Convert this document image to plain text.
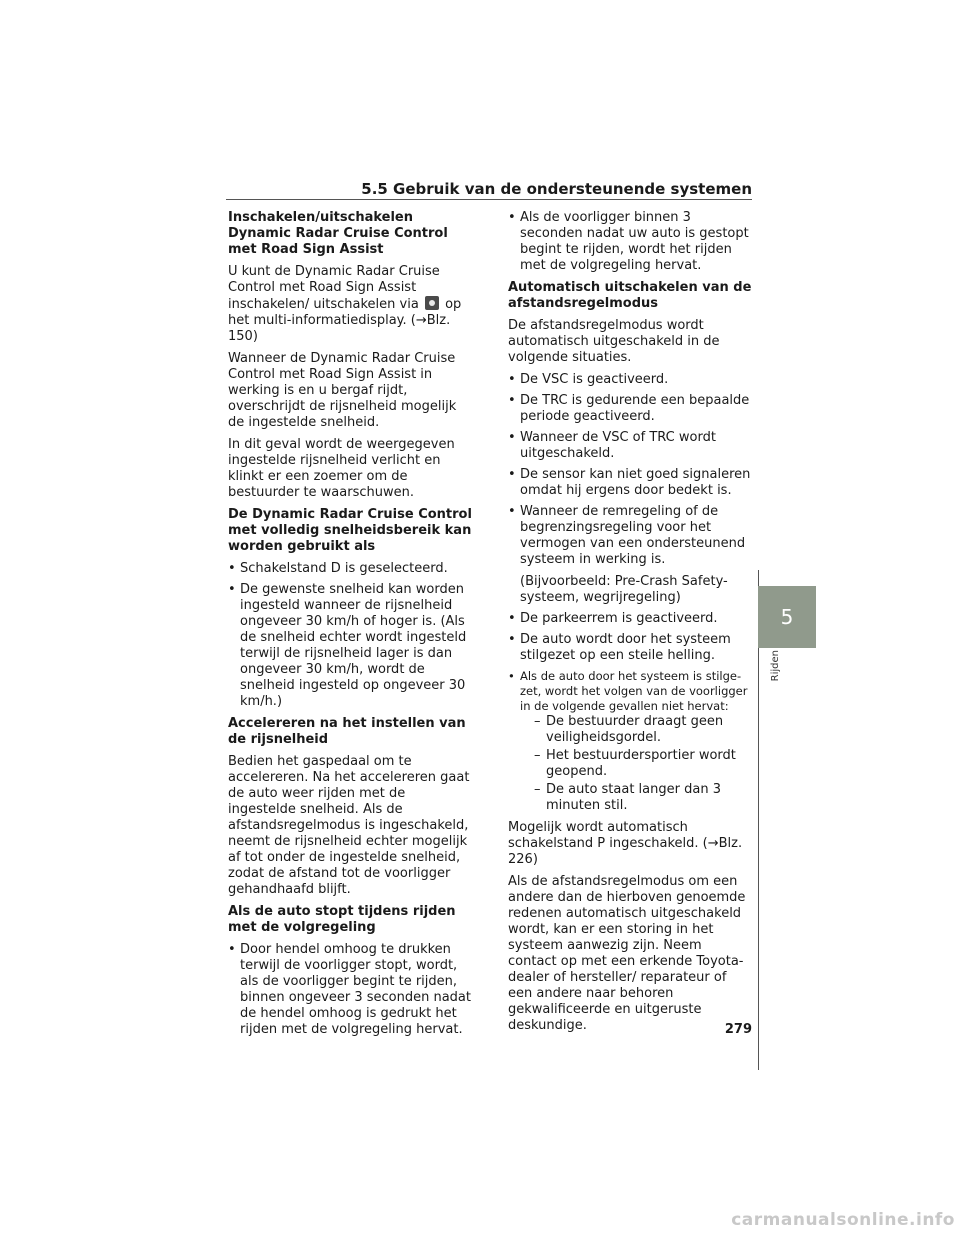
5.5 Gebruik van de ondersteunende systemen
Inschakelen/uitschakelen Dynamic Radar Cruise Control met Road Sign Assist

U kunt de Dynamic Radar Cruise Control met Road Sign Assist inschakelen/ uitschakelen via op het multi-informatiedisplay. (→Blz. 150)

Wanneer de Dynamic Radar Cruise Control met Road Sign Assist in werking is en u bergaf rijdt, overschrijdt de rijsnelheid mogelijk de ingestelde snelheid.

In dit geval wordt de weergegeven ingestelde rijsnelheid verlicht en klinkt er een zoemer om de bestuurder te waarschuwen.

De Dynamic Radar Cruise Control met volledig snelheidsbereik kan worden gebruikt als
• Schakelstand D is geselecteerd.
• De gewenste snelheid kan worden ingesteld wanneer de rijsnelheid ongeveer 30 km/h of hoger is. (Als de snelheid echter wordt ingesteld terwijl de rijsnelheid lager is dan ongeveer 30 km/h, wordt de snelheid ingesteld op ongeveer 30 km/h.)
Accelereren na het instellen van de rijsnelheid

Bedien het gaspedaal om te accelereren. Na het accelereren gaat de auto weer rijden met de ingestelde snelheid. Als de afstandsregelmodus is ingeschakeld, neemt de rijsnelheid echter mogelijk af tot onder de ingestelde snelheid, zodat de afstand tot de voorligger gehandhaafd blijft.

Als de auto stopt tijdens rijden met de volgregeling
• Door hendel omhoog te drukken terwijl de voorligger stopt, wordt, als de voorligger begint te rijden, binnen ongeveer 3 seconden nadat de hendel omhoog is gedrukt het rijden met de volgregeling hervat.
• Als de voorligger binnen 3 seconden nadat uw auto is gestopt begint te rijden, wordt het rijden met de volgregeling hervat.
Automatisch uitschakelen van de afstandsregelmodus

De afstandsregelmodus wordt automatisch uitgeschakeld in de volgende situaties.

• De VSC is geactiveerd.
• De TRC is gedurende een bepaalde periode geactiveerd.
• Wanneer de VSC of TRC wordt uitgeschakeld.
• De sensor kan niet goed signaleren omdat hij ergens door bedekt is.
• Wanneer de remregeling of de begrenzingsregeling voor het vermogen van een ondersteunend systeem in werking is.
(Bijvoorbeeld: Pre-Crash Safety-systeem, wegrijregeling)
• De parkeerrem is geactiveerd.
• De auto wordt door het systeem stilgezet op een steile helling.
• Als de auto door het systeem is stilge-zet, wordt het volgen van de voorligger in de volgende gevallen niet hervat:
– De bestuurder draagt geen veiligheidsgordel.
– Het bestuurdersportier wordt geopend.
– De auto staat langer dan 3 minuten stil.

Mogelijk wordt automatisch schakelstand P ingeschakeld. (→Blz. 226)

Als de afstandsregelmodus om een andere dan de hierboven genoemde redenen automatisch uitgeschakeld wordt, kan er een storing in het systeem aanwezig zijn. Neem contact op met een erkende Toyota-dealer of hersteller/ reparateur of een andere naar behoren gekwalificeerde en uitgeruste deskundige.

5
Rijden
279
carmanualsonline.info
